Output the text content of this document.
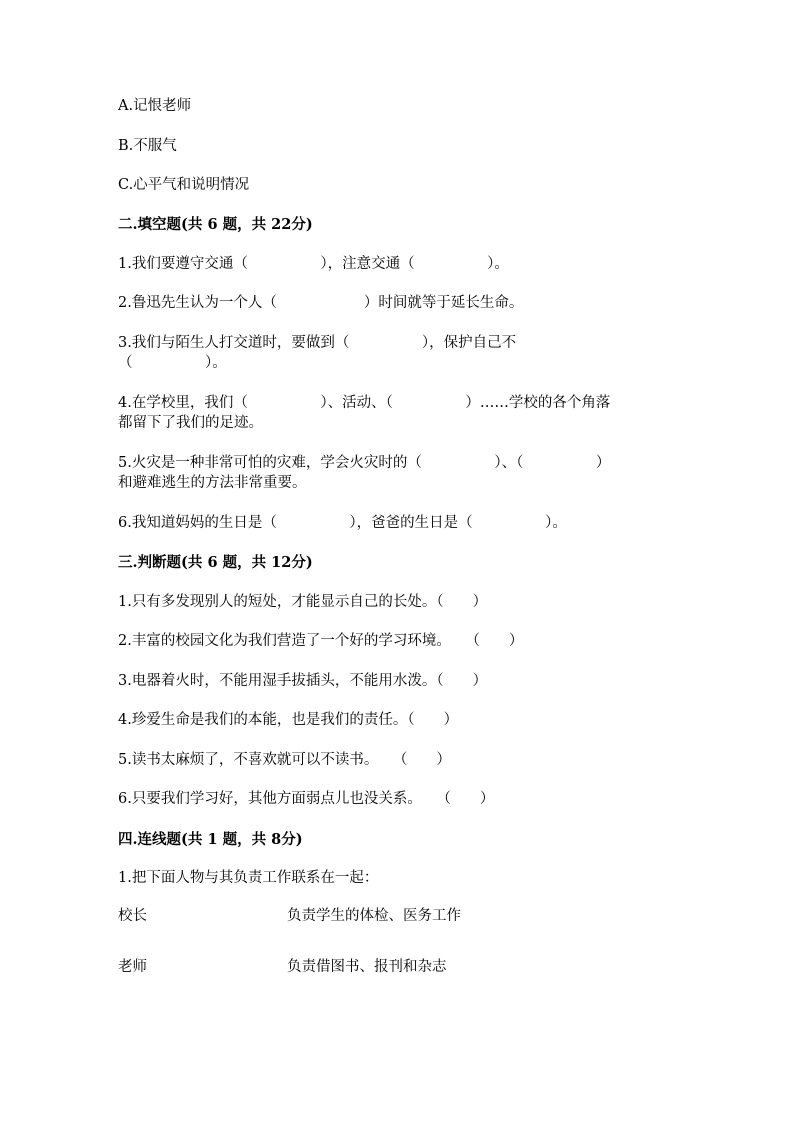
A.记恨老师
B.不服气
C.心平气和说明情况
二.填空题(共 6 题，共 22分)
1.我们要遵守交通（　　　　　），注意交通（　　　　　）。
2.鲁迅先生认为一个人（　　　　　　）时间就等于延长生命。
3.我们与陌生人打交道时，要做到（　　　　　），保护自己不
（　　　　　）。
4.在学校里，我们（　　　　　）、活动、（　　　　　）……学校的各个角落
都留下了我们的足迹。
5.火灾是一种非常可怕的灾难，学会火灾时的（　　　　　）、（　　　　　）
和避难逃生的方法非常重要。
6.我知道妈妈的生日是（　　　　　），爸爸的生日是（　　　　　）。
三.判断题(共 6 题，共 12分)
1.只有多发现别人的短处，才能显示自己的长处。（　　）
2.丰富的校园文化为我们营造了一个好的学习环境。　　（　　）
3.电器着火时，不能用湿手拔插头，不能用水泼。（　　）
4.珍爱生命是我们的本能，也是我们的责任。（　　）
5.读书太麻烦了，不喜欢就可以不读书。　　（　　）
6.只要我们学习好，其他方面弱点儿也没关系。　　（　　）
四.连线题(共 1 题，共 8分)
1.把下面人物与其负责工作联系在一起：
校长	负责学生的体检、医务工作
老师	负责借图书、报刊和杂志
